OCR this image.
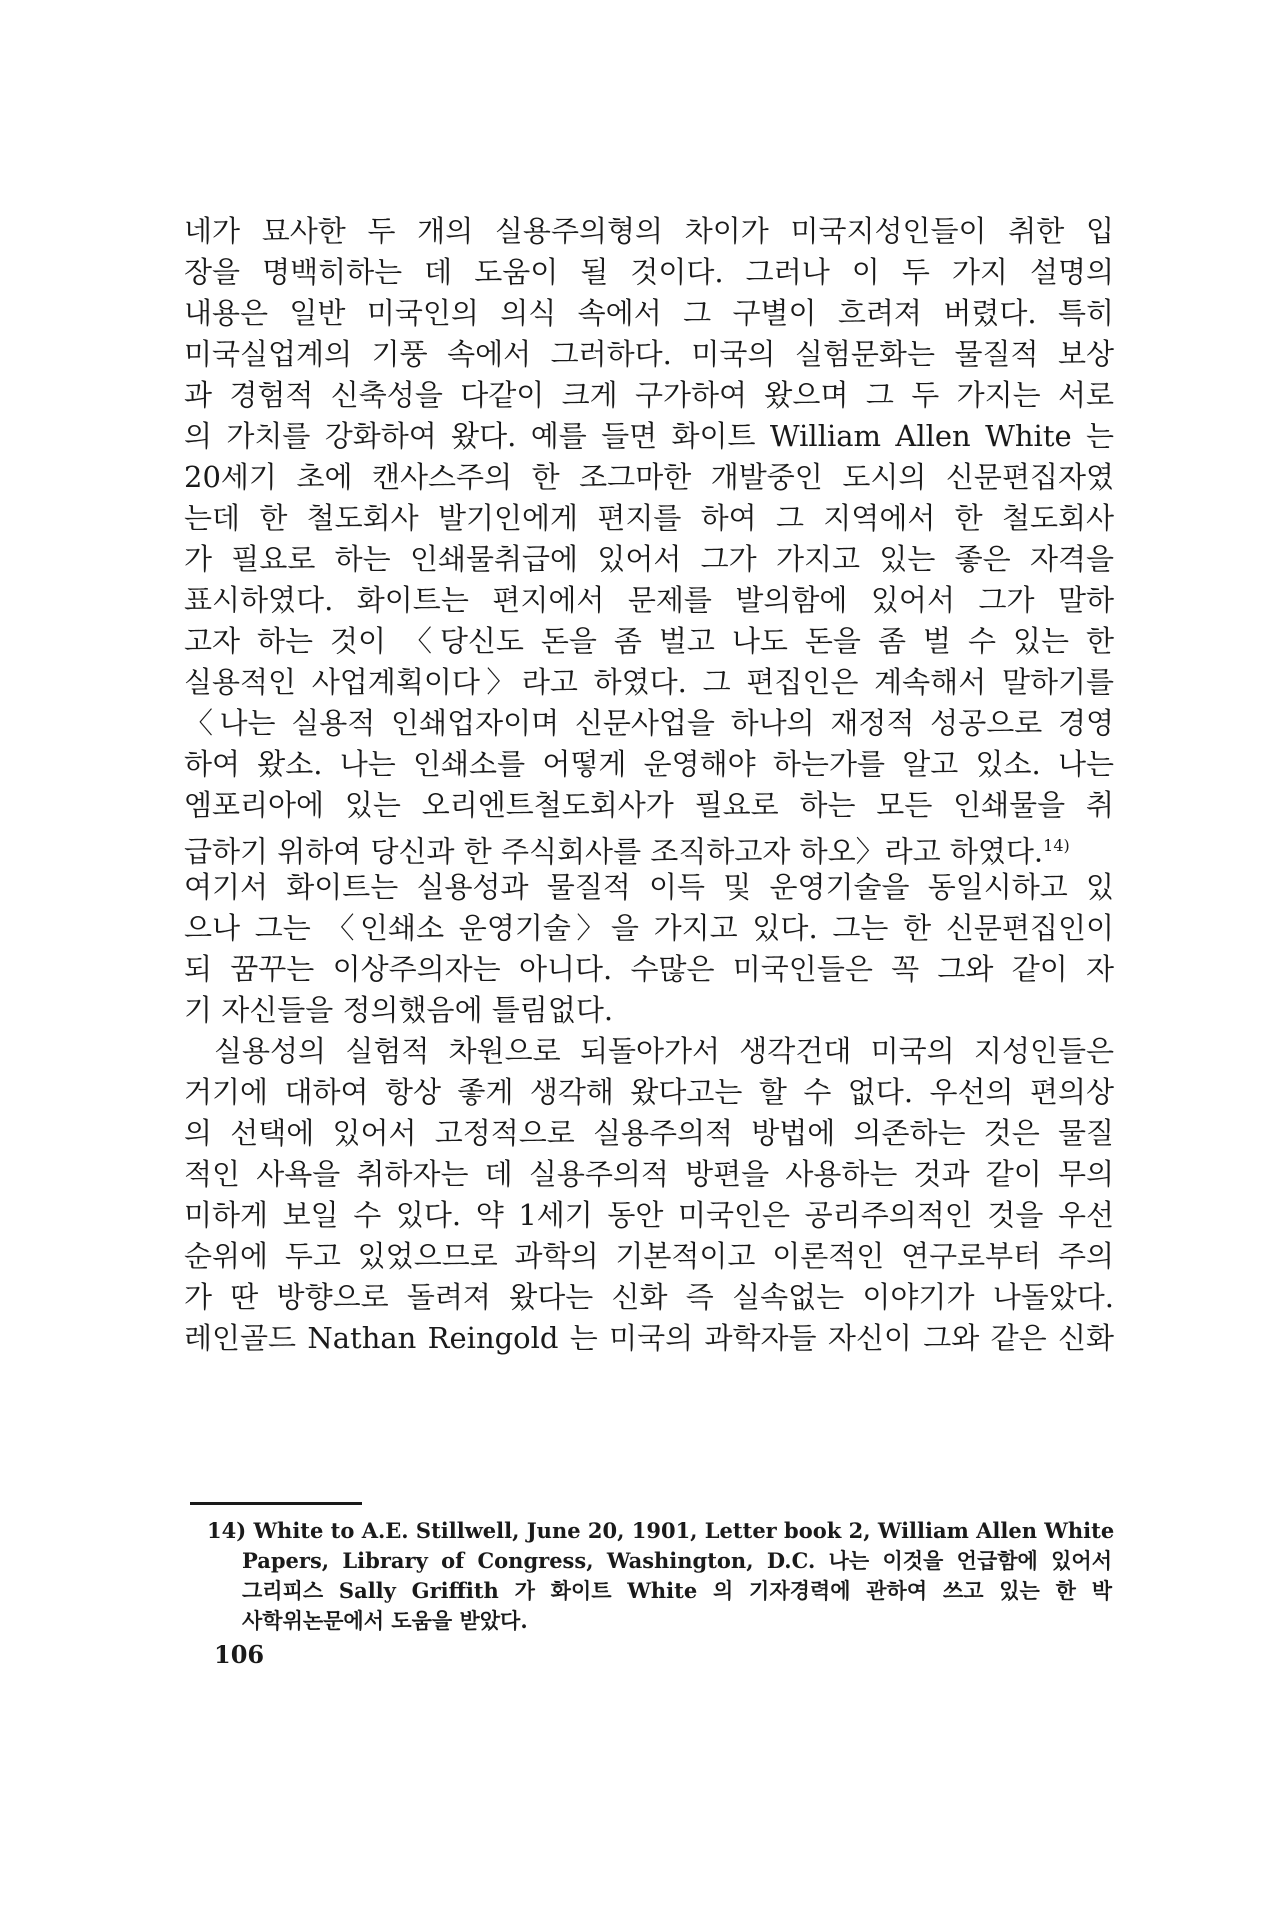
네가 묘사한 두 개의 실용주의형의 차이가 미국지성인들이 취한 입
장을 명백히하는 데 도움이 될 것이다. 그러나 이 두 가지 설명의
내용은 일반 미국인의 의식 속에서 그 구별이 흐려져 버렸다. 특히
미국실업계의 기풍 속에서 그러하다. 미국의 실험문화는 물질적 보상
과 경험적 신축성을 다같이 크게 구가하여 왔으며 그 두 가지는 서로
의 가치를 강화하여 왔다. 예를 들면 화이트 William Allen White 는
20세기 초에 캔사스주의 한 조그마한 개발중인 도시의 신문편집자였
는데 한 철도회사 발기인에게 편지를 하여 그 지역에서 한 철도회사
가 필요로 하는 인쇄물취급에 있어서 그가 가지고 있는 좋은 자격을
표시하였다. 화이트는 편지에서 문제를 발의함에 있어서 그가 말하
고자 하는 것이 〈당신도 돈을 좀 벌고 나도 돈을 좀 벌 수 있는 한
실용적인 사업계획이다〉라고 하였다. 그 편집인은 계속해서 말하기를
〈나는 실용적 인쇄업자이며 신문사업을 하나의 재정적 성공으로 경영
하여 왔소. 나는 인쇄소를 어떻게 운영해야 하는가를 알고 있소. 나는
엠포리아에 있는 오리엔트철도회사가 필요로 하는 모든 인쇄물을 취
급하기 위하여 당신과 한 주식회사를 조직하고자 하오〉라고 하였다.$^{14)}$
여기서 화이트는 실용성과 물질적 이득 및 운영기술을 동일시하고 있
으나 그는 〈인쇄소 운영기술〉을 가지고 있다. 그는 한 신문편집인이
되 꿈꾸는 이상주의자는 아니다. 수많은 미국인들은 꼭 그와 같이 자
기 자신들을 정의했음에 틀림없다.
실용성의 실험적 차원으로 되돌아가서 생각건대 미국의 지성인들은
거기에 대하여 항상 좋게 생각해 왔다고는 할 수 없다. 우선의 편의상
의 선택에 있어서 고정적으로 실용주의적 방법에 의존하는 것은 물질
적인 사욕을 취하자는 데 실용주의적 방편을 사용하는 것과 같이 무의
미하게 보일 수 있다. 약 1세기 동안 미국인은 공리주의적인 것을 우선
순위에 두고 있었으므로 과학의 기본적이고 이론적인 연구로부터 주의
가 딴 방향으로 돌려져 왔다는 신화 즉 실속없는 이야기가 나돌았다.
레인골드 Nathan Reingold 는 미국의 과학자들 자신이 그와 같은 신화
14) White to A.E. Stillwell, June 20, 1901, Letter book 2, William Allen White
Papers, Library of Congress, Washington, D.C. 나는 이것을 언급함에 있어서
그리피스 Sally Griffith 가 화이트 White 의 기자경력에 관하여 쓰고 있는 한 박
사학위논문에서 도움을 받았다.
106
